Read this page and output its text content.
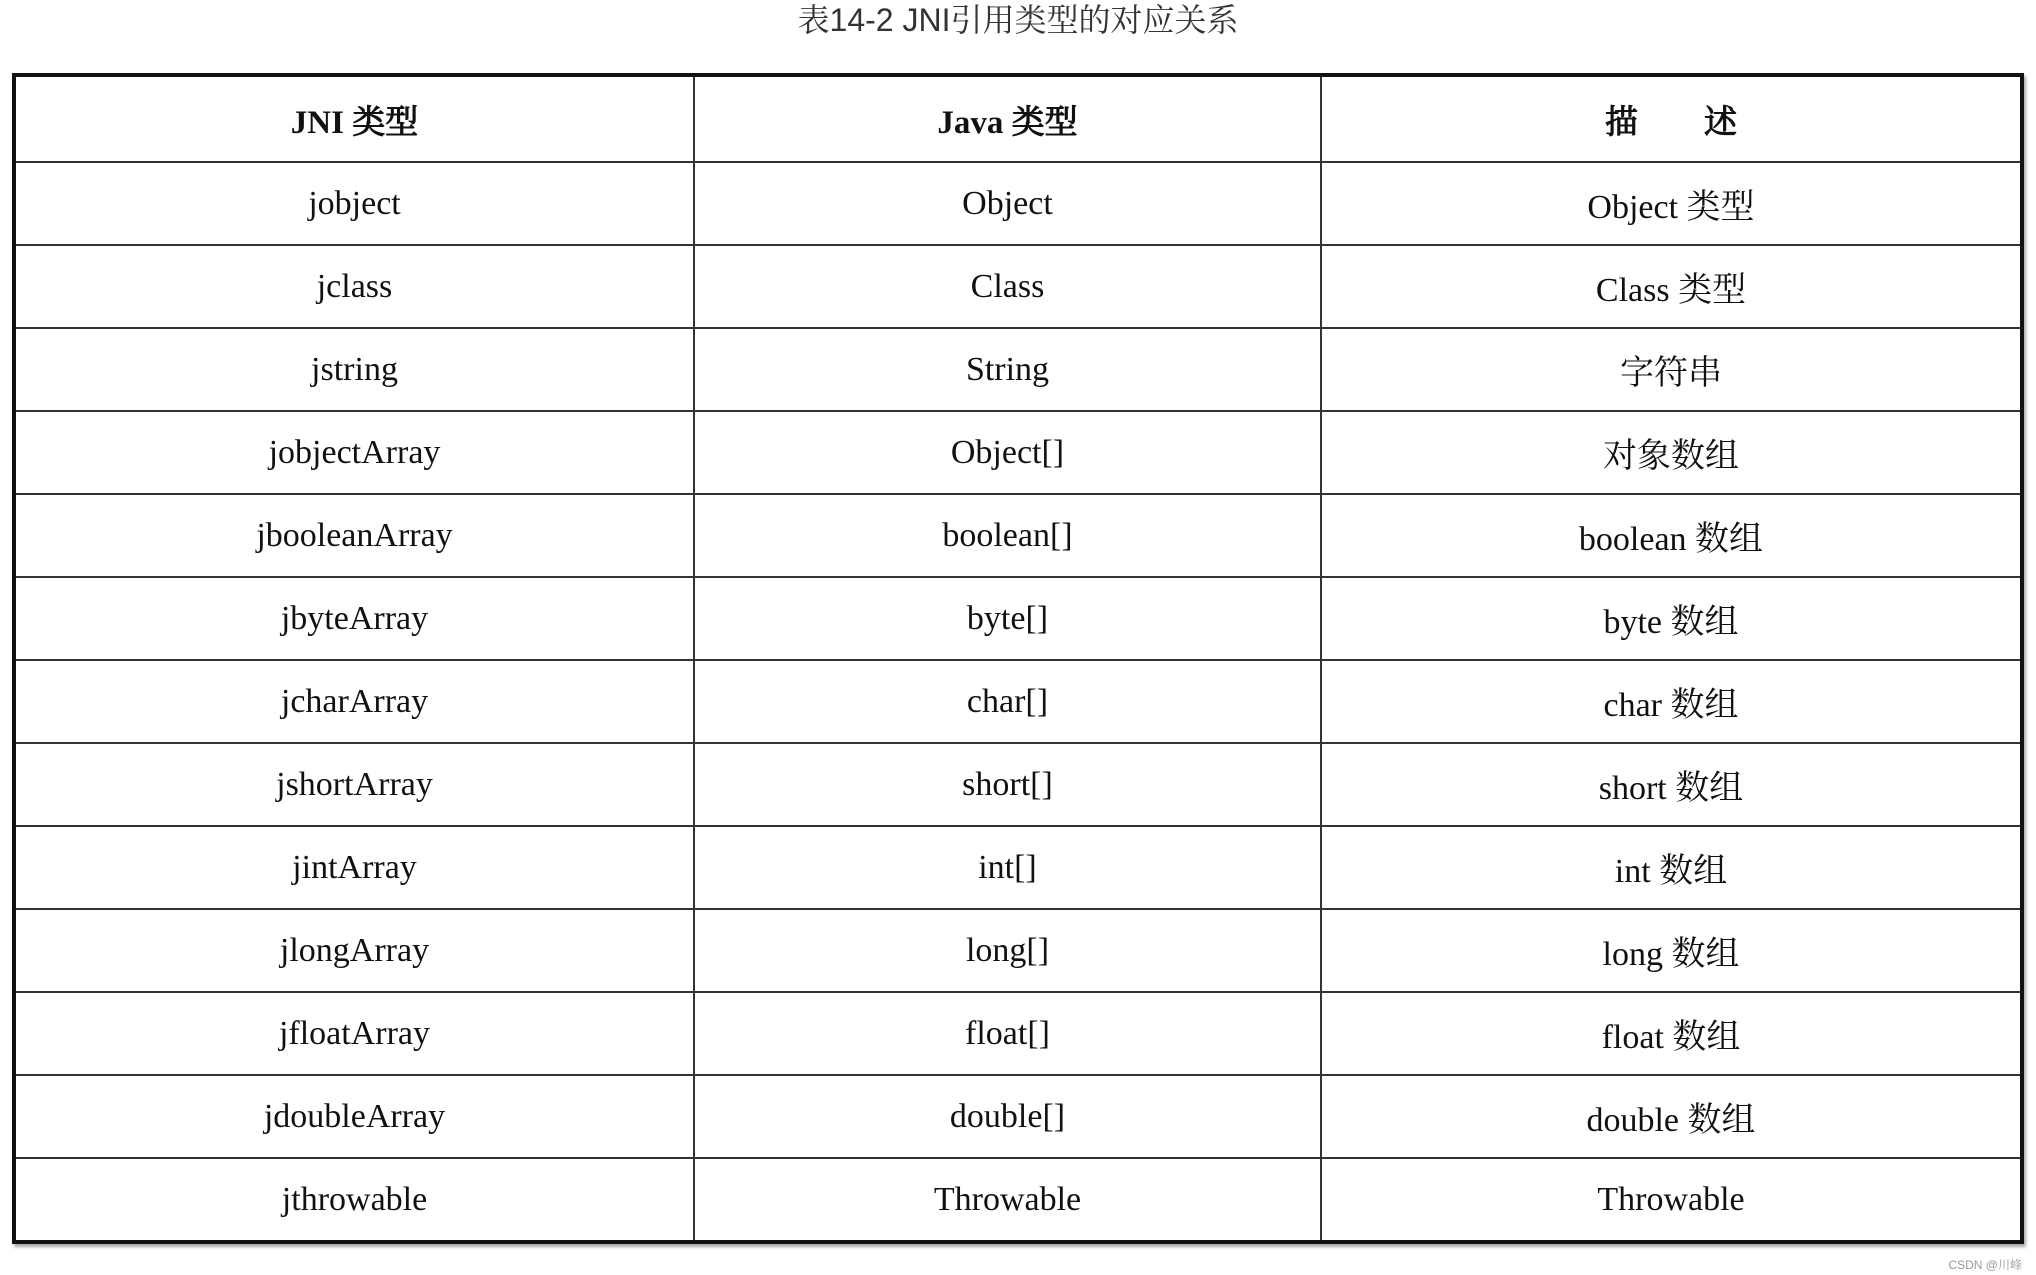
表14-2 JNI引用类型的对应关系
JNI 类型	Java 类型	描　　述
jobject	Object	Object 类型
jclass	Class	Class 类型
jstring	String	字符串
jobjectArray	Object[]	对象数组
jbooleanArray	boolean[]	boolean 数组
jbyteArray	byte[]	byte 数组
jcharArray	char[]	char 数组
jshortArray	short[]	short 数组
jintArray	int[]	int 数组
jlongArray	long[]	long 数组
jfloatArray	float[]	float 数组
jdoubleArray	double[]	double 数组
jthrowable	Throwable	Throwable
CSDN @川峰
